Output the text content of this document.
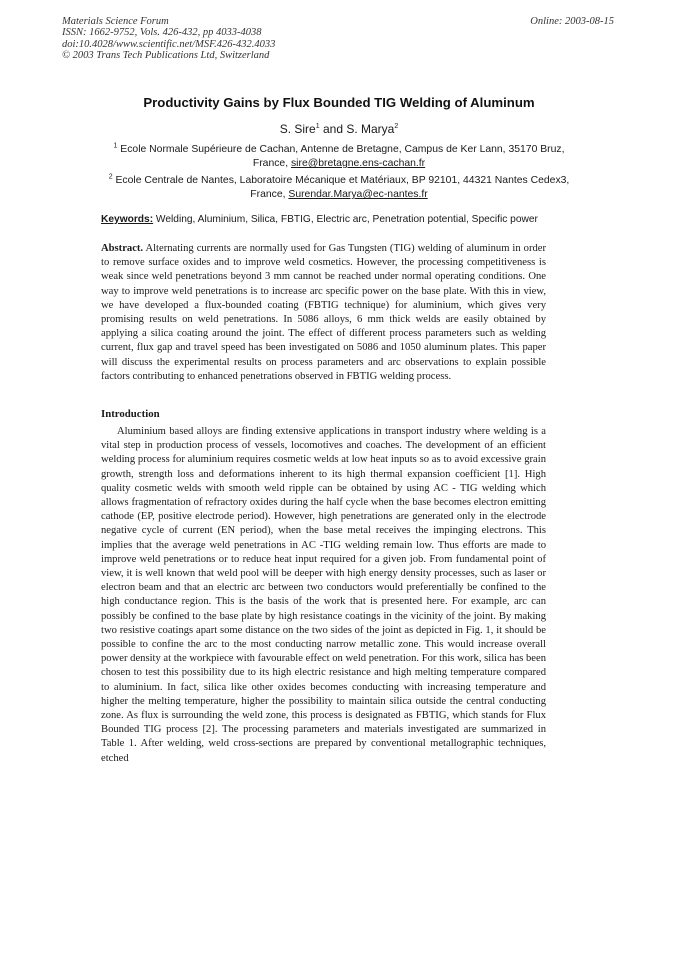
Materials Science Forum
ISSN: 1662-9752, Vols. 426-432, pp 4033-4038
doi:10.4028/www.scientific.net/MSF.426-432.4033
© 2003 Trans Tech Publications Ltd, Switzerland
Online: 2003-08-15
Productivity Gains by Flux Bounded TIG Welding of Aluminum
S. Sire$^1$ and S. Marya$^2$
$^1$ Ecole Normale Supérieure de Cachan, Antenne de Bretagne, Campus de Ker Lann, 35170 Bruz, France, sire@bretagne.ens-cachan.fr
$^2$ Ecole Centrale de Nantes, Laboratoire Mécanique et Matériaux, BP 92101, 44321 Nantes Cedex3, France, Surendar.Marya@ec-nantes.fr
Keywords: Welding, Aluminium, Silica, FBTIG, Electric arc, Penetration potential, Specific power
Abstract. Alternating currents are normally used for Gas Tungsten (TIG) welding of aluminum in order to remove surface oxides and to improve weld cosmetics. However, the processing competitiveness is weak since weld penetrations beyond 3 mm cannot be reached under normal operating conditions. One way to improve weld penetrations is to increase arc specific power on the base plate. With this in view, we have developed a flux-bounded coating (FBTIG technique) for aluminium, which gives very promising results on weld penetrations. In 5086 alloys, 6 mm thick welds are easily obtained by applying a silica coating around the joint. The effect of different process parameters such as welding current, flux gap and travel speed has been investigated on 5086 and 1050 aluminum plates. This paper will discuss the experimental results on process parameters and arc observations to explain possible factors contributing to enhanced penetrations observed in FBTIG welding process.
Introduction
Aluminium based alloys are finding extensive applications in transport industry where welding is a vital step in production process of vessels, locomotives and coaches. The development of an efficient welding process for aluminium requires cosmetic welds at low heat inputs so as to avoid excessive grain growth, strength loss and deformations inherent to its high thermal expansion coefficient [1]. High quality cosmetic welds with smooth weld ripple can be obtained by using AC - TIG welding which allows fragmentation of refractory oxides during the half cycle when the base becomes electron emitting cathode (EP, positive electrode period). However, high penetrations are generated only in the electrode negative cycle of current (EN period), when the base metal receives the impinging electrons. This implies that the average weld penetrations in AC -TIG welding remain low. Thus efforts are made to improve weld penetrations or to reduce heat input required for a given job. From fundamental point of view, it is well known that weld pool will be deeper with high energy density processes, such as laser or electron beam and that an electric arc between two conductors would preferentially be confined to the high conductance region. This is the basis of the work that is presented here. For example, arc can possibly be confined to the base plate by high resistance coatings in the vicinity of the joint. By making two resistive coatings apart some distance on the two sides of the joint as depicted in Fig. 1, it should be possible to confine the arc to the most conducting narrow metallic zone. This would increase overall power density at the workpiece with favourable effect on weld penetration. For this work, silica has been chosen to test this possibility due to its high electric resistance and high melting temperature compared to aluminium. In fact, silica like other oxides becomes conducting with increasing temperature and higher the melting temperature, higher the possibility to maintain silica outside the central conducting zone. As flux is surrounding the weld zone, this process is designated as FBTIG, which stands for Flux Bounded TIG process [2]. The processing parameters and materials investigated are summarized in Table 1. After welding, weld cross-sections are prepared by conventional metallographic techniques, etched
